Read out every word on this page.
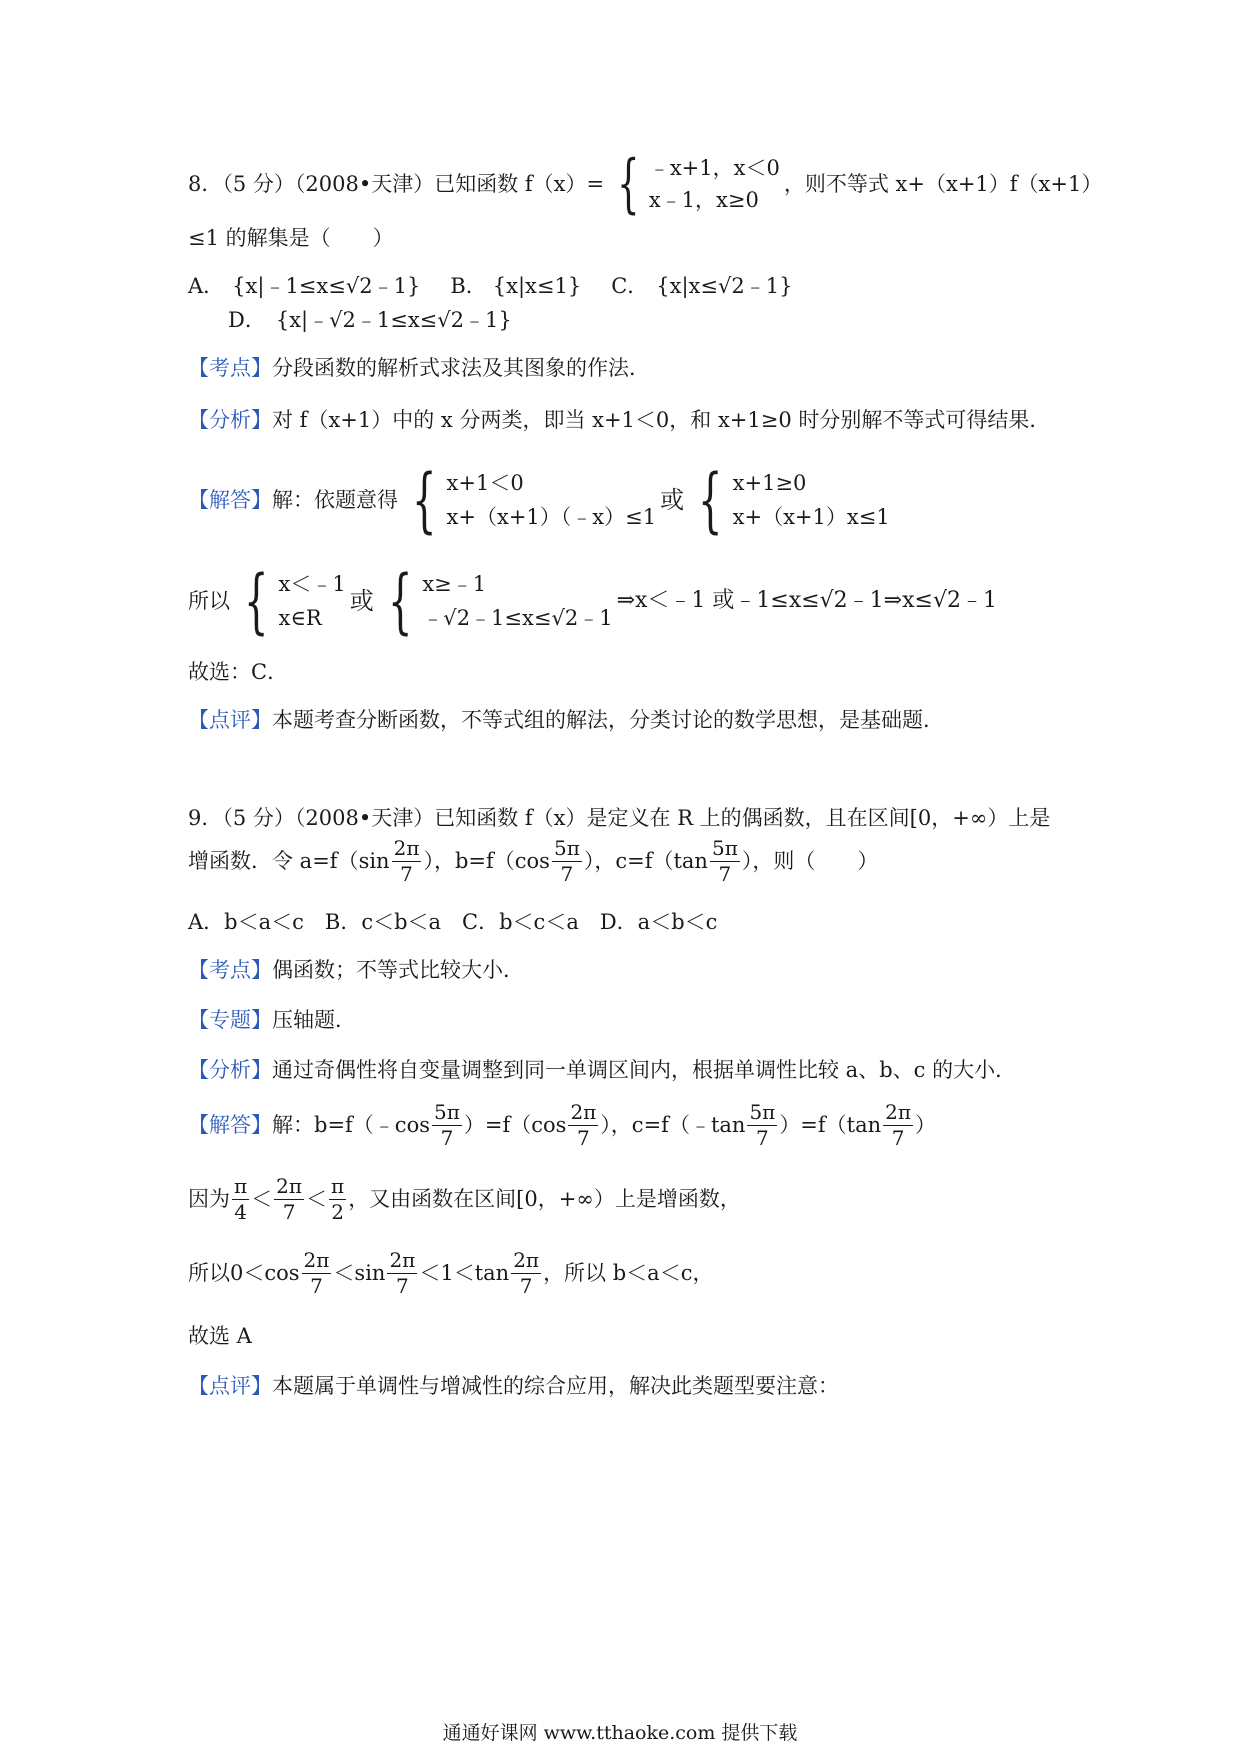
8．（5 分）（2008•天津）已知函数 f（x）= { ﹣x+1，x＜0
x﹣1，x≥0
，则不等式 x+（x+1）f（x+1）
≤1 的解集是（　　）
A． {x|﹣1≤x≤√2﹣1} B． {x|x≤1} C． {x|x≤√2﹣1}
D． {x|﹣√2﹣1≤x≤√2﹣1}
【考点】 分段函数的解析式求法及其图象的作法．
【分析】 对 f（x+1）中的 x 分两类，即当 x+1＜0，和 x+1≥0 时分别解不等式可得结果．
【解答】 解：依题意得 { x+1＜0
x+（x+1）（﹣x）≤1
或 { x+1≥0
x+（x+1）x≤1
所以 { x＜﹣1
x∈R
或 { x≥﹣1
﹣√2﹣1≤x≤√2﹣1
⇒x＜﹣1 或﹣1≤x≤√2﹣1⇒x≤√2﹣1
故选：C．
【点评】 本题考查分断函数，不等式组的解法，分类讨论的数学思想，是基础题．
9．（5 分）（2008•天津）已知函数 f（x）是定义在 R 上的偶函数，且在区间[0，+∞）上是
增函数．令 $a=f(\sin \frac{2\pi}{7}$ ），$b=f(\cos \frac{5\pi}{7}$ ），$c=f(\tan \frac{5\pi}{7}$ ），则（　　）
A．b＜a＜c　B．c＜b＜a　C．b＜c＜a　D．a＜b＜c
【考点】 偶函数；不等式比较大小．
【专题】 压轴题．
【分析】 通过奇偶性将自变量调整到同一单调区间内，根据单调性比较 a、b、c 的大小．
【解答】 解：b=f（﹣cos $\frac{5\pi}{7} )=f(\cos \frac{2\pi}{7}$ ），c=f（﹣tan $\frac{5\pi}{7} )=f(\tan \frac{2\pi}{7}$ ）
因为 $\frac{\pi}{4} < \frac{2\pi}{7} < \frac{\pi}{2}$ ，又由函数在区间[0，+∞）上是增函数，
所以$0<\cos \frac{2\pi}{7} <\sin \frac{2\pi}{7} <1<\tan \frac{2\pi}{7}$ ，所以 b＜a＜c，
故选 A
【点评】 本题属于单调性与增减性的综合应用，解决此类题型要注意：
通通好课网 www.tthaoke.com 提供下载
